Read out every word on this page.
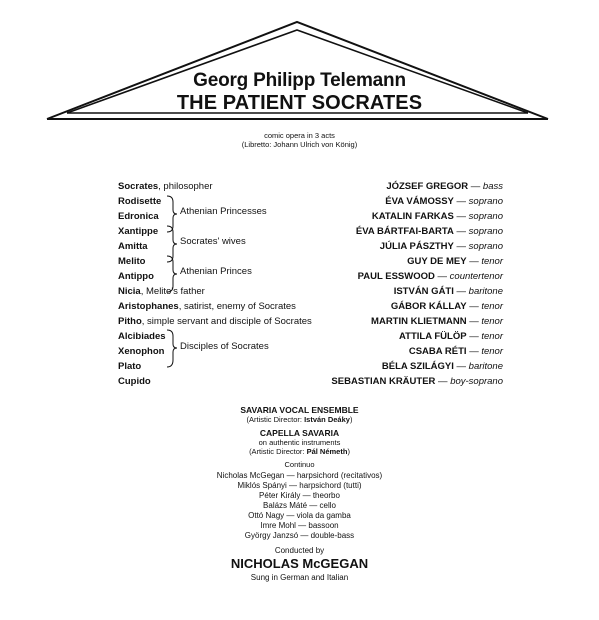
Georg Philipp Telemann
THE PATIENT SOCRATES
comic opera in 3 acts
(Libretto: Johann Ulrich von König)
Socrates, philosopher
Rodisette
Edronica
Xantippe
Amitta
Melito
Antippo
Nicia, Melito's father
Aristophanes, satirist, enemy of Socrates
Pitho, simple servant and disciple of Socrates
Alcibiades
Xenophon
Plato
Cupido
Athenian Princesses
Socrates' wives
Athenian Princes
Disciples of Socrates
JÓZSEF GREGOR — bass
ÉVA VÁMOSSY — soprano
KATALIN FARKAS — soprano
ÉVA BÁRTFAI-BARTA — soprano
JÚLIA PÁSZTHY — soprano
GUY DE MEY — tenor
PAUL ESSWOOD — countertenor
ISTVÁN GÁTI — baritone
GÁBOR KÁLLAY — tenor
MARTIN KLIETMANN — tenor
ATTILA FÜLÖP — tenor
CSABA RÉTI — tenor
BÉLA SZILÁGYI — baritone
SEBASTIAN KRÄUTER — boy-soprano
SAVARIA VOCAL ENSEMBLE
(Artistic Director: István Deáky)
CAPELLA SAVARIA
on authentic instruments
(Artistic Director: Pál Németh)
Continuo
Nicholas McGegan — harpsichord (recitativos)
Miklós Spányi — harpsichord (tutti)
Péter Király — theorbo
Balázs Máté — cello
Ottó Nagy — viola da gamba
Imre Mohl — bassoon
György Janzsó — double-bass
Conducted by
NICHOLAS McGEGAN
Sung in German and Italian
